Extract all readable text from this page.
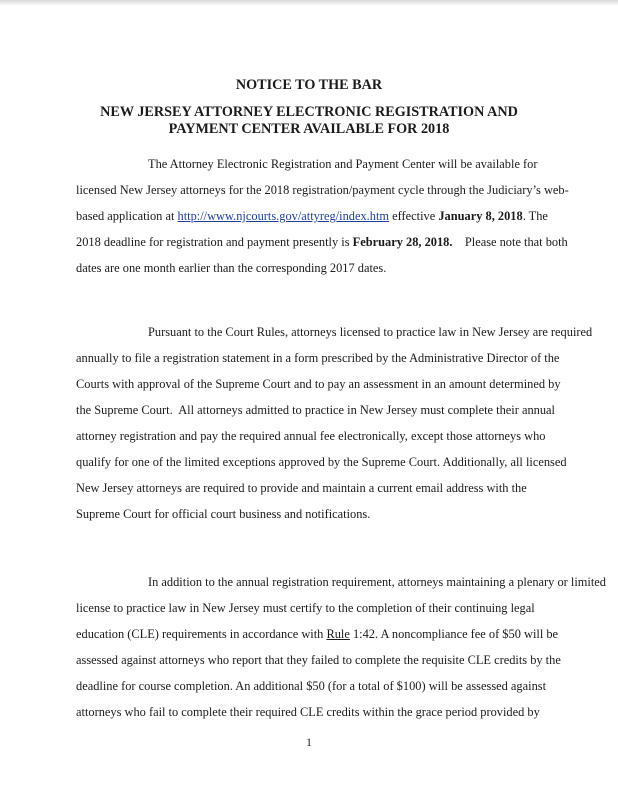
NOTICE TO THE BAR
NEW JERSEY ATTORNEY ELECTRONIC REGISTRATION AND
PAYMENT CENTER AVAILABLE FOR 2018
The Attorney Electronic Registration and Payment Center will be available for
licensed New Jersey attorneys for the 2018 registration/payment cycle through the Judiciary’s web-
based application at http://www.njcourts.gov/attyreg/index.htm effective January 8, 2018. The
2018 deadline for registration and payment presently is February 28, 2018.    Please note that both
dates are one month earlier than the corresponding 2017 dates.
Pursuant to the Court Rules, attorneys licensed to practice law in New Jersey are required
annually to file a registration statement in a form prescribed by the Administrative Director of the
Courts with approval of the Supreme Court and to pay an assessment in an amount determined by
the Supreme Court.  All attorneys admitted to practice in New Jersey must complete their annual
attorney registration and pay the required annual fee electronically, except those attorneys who
qualify for one of the limited exceptions approved by the Supreme Court. Additionally, all licensed
New Jersey attorneys are required to provide and maintain a current email address with the
Supreme Court for official court business and notifications.
In addition to the annual registration requirement, attorneys maintaining a plenary or limited
license to practice law in New Jersey must certify to the completion of their continuing legal
education (CLE) requirements in accordance with Rule 1:42. A noncompliance fee of $50 will be
assessed against attorneys who report that they failed to complete the requisite CLE credits by the
deadline for course completion. An additional $50 (for a total of $100) will be assessed against
attorneys who fail to complete their required CLE credits within the grace period provided by
1
